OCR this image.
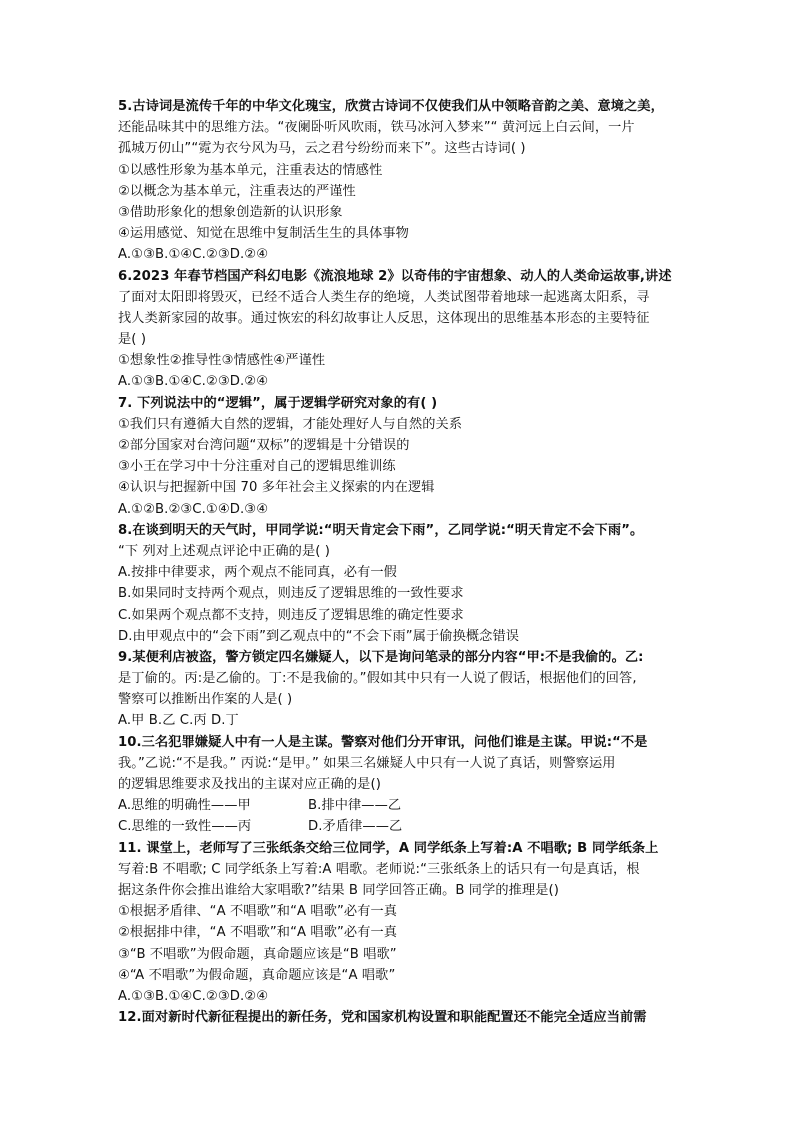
5.古诗词是流传千年的中华文化瑰宝，欣赏古诗词不仅使我们从中领略音韵之美、意境之美，
还能品味其中的思维方法。“夜阑卧听风吹雨，铁马冰河入梦来”“ 黄河远上白云间，一片
孤城万仞山”“霓为衣兮风为马，云之君兮纷纷而来下”。这些古诗词( )
①以感性形象为基本单元，注重表达的情感性
②以概念为基本单元，注重表达的严谨性
③借助形象化的想象创造新的认识形象
④运用感觉、知觉在思维中复制活生生的具体事物
A.①③B.①④C.②③D.②④
6.2023 年春节档国产科幻电影《流浪地球 2》以奇伟的宇宙想象、动人的人类命运故事,讲述
了面对太阳即将毁灭，已经不适合人类生存的绝境，人类试图带着地球一起逃离太阳系，寻
找人类新家园的故事。通过恢宏的科幻故事让人反思，这体现出的思维基本形态的主要特征
是( )
①想象性②推导性③情感性④严谨性
A.①③B.①④C.②③D.②④
7. 下列说法中的“逻辑”，属于逻辑学研究对象的有( )
①我们只有遵循大自然的逻辑，才能处理好人与自然的关系
②部分国家对台湾问题“双标”的逻辑是十分错误的
③小王在学习中十分注重对自己的逻辑思维训练
④认识与把握新中国 70 多年社会主义探索的内在逻辑
A.①②B.②③C.①④D.③④
8.在谈到明天的天气时，甲同学说:“明天肯定会下雨”，乙同学说:“明天肯定不会下雨”。
“下 列对上述观点评论中正确的是( )
A.按排中律要求，两个观点不能同真，必有一假
B.如果同时支持两个观点，则违反了逻辑思维的一致性要求
C.如果两个观点都不支持，则违反了逻辑思维的确定性要求
D.由甲观点中的“会下雨”到乙观点中的“不会下雨”属于偷换概念错误
9.某便利店被盗，警方锁定四名嫌疑人，以下是询问笔录的部分内容“甲:不是我偷的。乙:
是丁偷的。丙:是乙偷的。丁:不是我偷的。”假如其中只有一人说了假话，根据他们的回答,
警察可以推断出作案的人是( )
A.甲 B.乙 C.丙 D.丁
10.三名犯罪嫌疑人中有一人是主谋。警察对他们分开审讯，问他们谁是主谋。甲说:“不是
我。”乙说:“不是我。” 丙说:“是甲。” 如果三名嫌疑人中只有一人说了真话，则警察运用
的逻辑思维要求及找出的主谋对应正确的是()
A.思维的明确性——甲	B.排中律——乙
C.思维的一致性——丙	D.矛盾律——乙
11. 课堂上，老师写了三张纸条交给三位同学，A 同学纸条上写着:A 不唱歌; B 同学纸条上
写着:B 不唱歌; C 同学纸条上写着:A 唱歌。老师说:“三张纸条上的话只有一句是真话，根
据这条件你会推出谁给大家唱歌?”结果 B 同学回答正确。B 同学的推理是()
①根据矛盾律、“A 不唱歌”和“A 唱歌”必有一真
②根据排中律，“A 不唱歌”和“A 唱歌”必有一真
③“B 不唱歌”为假命题，真命题应该是“B 唱歌”
④“A 不唱歌”为假命题，真命题应该是“A 唱歌”
A.①③B.①④C.②③D.②④
12.面对新时代新征程提出的新任务，党和国家机构设置和职能配置还不能完全适应当前需
